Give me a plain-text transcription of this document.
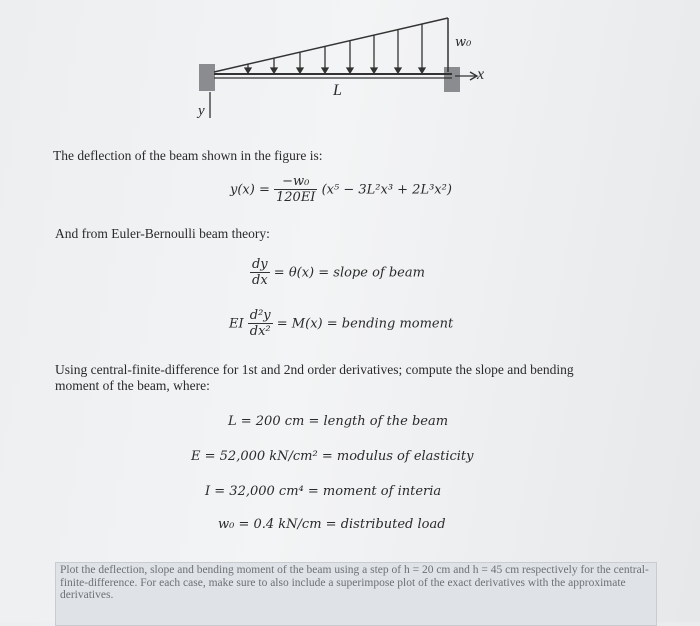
w₀
x
y
L
The deflection of the beam shown in the figure is:
$y(x) = \frac{\text{−w₀}}{120EI} (x^5 - 3L^2x^3 + 2L^3x^2)$
And from Euler-Bernoulli beam theory:
$\frac{dy}{dx} = \theta(x)$ = slope of beam
EI $\frac{\text{d²y}}{\text{dx²}} = M(x)$ = bending moment
Using central-finite-difference for 1st and 2nd order derivatives; compute the slope and bending
moment of the beam, where:
L = 200 cm = length of the beam
E = 52,000 kN/cm² = modulus of elasticity
I = 32,000 cm⁴ = moment of interia
w₀ = 0.4 kN/cm = distributed load
Plot the deflection, slope and bending moment of the beam using a step of h = 20 cm and h = 45 cm respectively for the central-finite-difference. For each case, make sure to also include a superimpose plot of the exact derivatives with the approximate derivatives.
